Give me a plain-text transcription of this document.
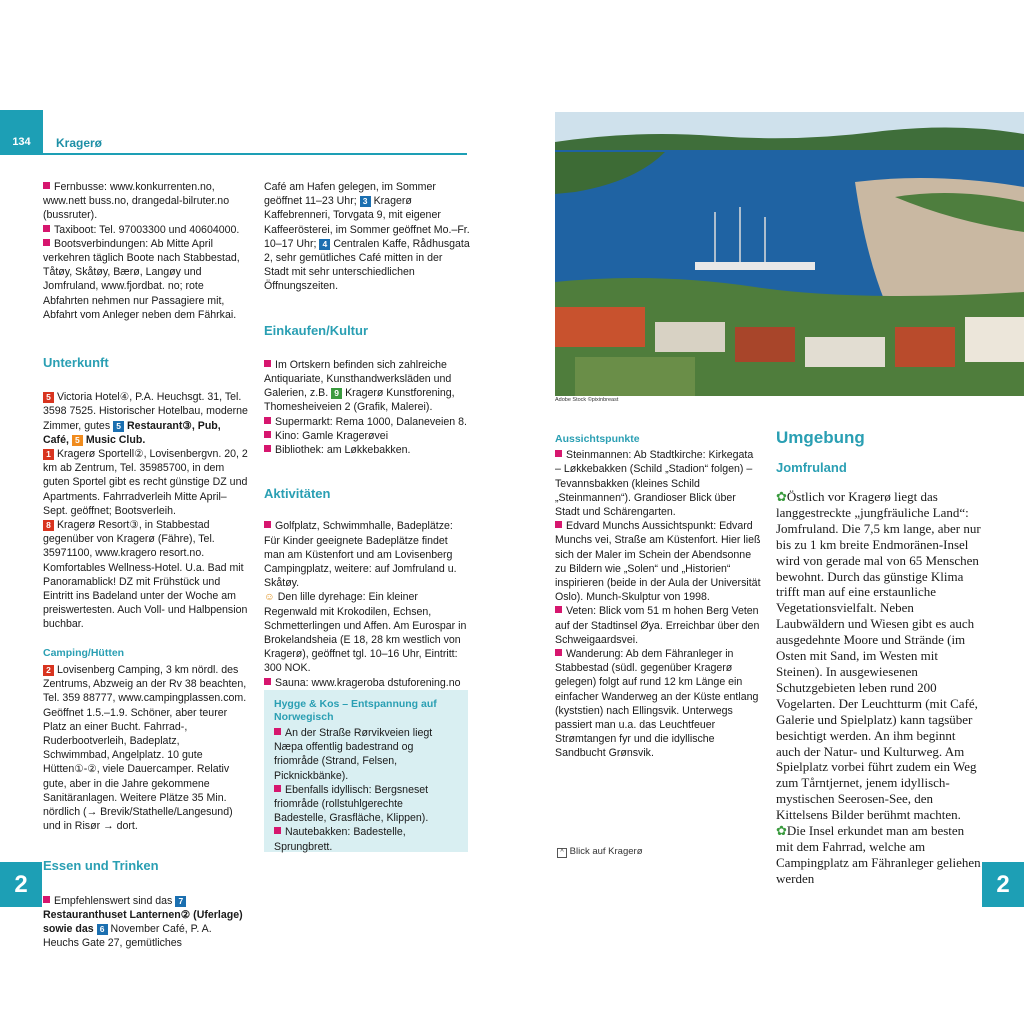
134	Kragerø

Fernbusse: www.konkurrenten.no, www.nett buss.no, drangedal-bilruter.no (bussruter).

Taxiboot: Tel. 97003300 und 40604000.

Bootsverbindungen: Ab Mitte April verkehren täglich Boote nach Stabbestad, Tåtøy, Skåtøy, Bærø, Langøy und Jomfruland, www.fjordbat. no; rote Abfahrten nehmen nur Passagiere mit, Abfahrt vom Anleger neben dem Fährkai.

Unterkunft

5 Victoria Hotel④, P.A. Heuchsgt. 31, Tel. 3598 7525. Historischer Hotelbau, moderne Zimmer, gutes 5 Restaurant③, Pub, Café, 5 Music Club.

1 Kragerø Sportell②, Lovisenbergvn. 20, 2 km ab Zentrum, Tel. 35985700, in dem guten Sportel gibt es recht günstige DZ und Apartments. Fahrradverleih Mitte April–Sept. geöffnet; Bootsverleih.

8 Kragerø Resort③, in Stabbestad gegenüber von Kragerø (Fähre), Tel. 35971100, www.kragero resort.no. Komfortables Wellness-Hotel. U.a. Bad mit Panoramablick! DZ mit Frühstück und Eintritt ins Badeland unter der Woche am preiswertesten. Auch Voll- und Halbpension buchbar.

Camping/Hütten

2 Lovisenberg Camping, 3 km nördl. des Zentrums, Abzweig an der Rv 38 beachten, Tel. 359 88777, www.campingplassen.com. Geöffnet 1.5.–1.9. Schöner, aber teurer Platz an einer Bucht. Fahrrad-, Ruderbootverleih, Badeplatz, Schwimmbad, Angelplatz. 10 gute Hütten①-②, viele Dauercamper. Relativ gute, aber in die Jahre gekommene Sanitäranlagen. Weitere Plätze 35 Min. nördlich (→ Brevik/Stathelle/Langesund) und in Risør → dort.

Essen und Trinken

Empfehlenswert sind das 7 Restauranthuset Lanternen② (Uferlage) sowie das 6 November Café, P. A. Heuchs Gate 27, gemütliches

Café am Hafen gelegen, im Sommer geöffnet 11–23 Uhr; 3 Kragerø Kaffebrenneri, Torvgata 9, mit eigener Kaffeerösterei, im Sommer geöffnet Mo.–Fr. 10–17 Uhr; 4 Centralen Kaffe, Rådhusgata 2, sehr gemütliches Café mitten in der Stadt mit sehr unterschiedlichen Öffnungszeiten.

Einkaufen/Kultur

Im Ortskern befinden sich zahlreiche Antiquariate, Kunsthandwerksläden und Galerien, z.B. 9 Kragerø Kunstforening, Thomesheiveien 2 (Grafik, Malerei).

Supermarkt: Rema 1000, Dalaneveien 8.

Kino: Gamle Kragerøvei

Bibliothek: am Løkkebakken.

Aktivitäten

Golfplatz, Schwimmhalle, Badeplätze: Für Kinder geeignete Badeplätze findet man am Küstenfort und am Lovisenberg Campingplatz, weitere: auf Jomfruland u. Skåtøy.

☺ Den lille dyrehage: Ein kleiner Regenwald mit Krokodilen, Echsen, Schmetterlingen und Affen. Am Eurospar in Brokelandsheia (E 18, 28 km westlich von Kragerø), geöffnet tgl. 10–16 Uhr, Eintritt: 300 NOK.

Sauna: www.krageroba dstuforening.no

Hygge & Kos – Entspannung auf Norwegisch

An der Straße Rørvikveien liegt Næpa offentlig badestrand og friområde (Strand, Felsen, Picknickbänke).

Ebenfalls idyllisch: Bergsneset friområde (rollstuhlgerechte Badestelle, Grasfläche, Klippen).

Nautebakken: Badestelle, Sprungbrett.

2
Adobe Stock ©pixinbreast
Aussichtspunkte

Steinmannen: Ab Stadtkirche: Kirkegata – Løkkebakken (Schild „Stadion“ folgen) – Tevannsbakken (kleines Schild „Steinmannen“). Grandioser Blick über Stadt und Schärengarten.

Edvard Munchs Aussichtspunkt: Edvard Munchs vei, Straße am Küstenfort. Hier ließ sich der Maler im Schein der Abendsonne zu Bildern wie „Solen“ und „Historien“ inspirieren (beide in der Aula der Universität Oslo). Munch-Skulptur von 1998.

Veten: Blick vom 51 m hohen Berg Veten auf der Stadtinsel Øya. Erreichbar über den Schweigaardsvei.

Wanderung: Ab dem Fähranleger in Stabbestad (südl. gegenüber Kragerø gelegen) folgt auf rund 12 km Länge ein einfacher Wanderweg an der Küste entlang (kyststien) nach Ellingsvik. Unterwegs passiert man u.a. das Leuchtfeuer Strømtangen fyr und die idyllische Sandbucht Grønsvik.

^ Blick auf Kragerø
Umgebung
Jomfruland

✿Östlich vor Kragerø liegt das langgestreckte „jungfräuliche Land“: Jomfruland. Die 7,5 km lange, aber nur bis zu 1 km breite Endmoränen-Insel wird von gerade mal von 65 Menschen bewohnt. Durch das günstige Klima trifft man auf eine erstaunliche Vegetationsvielfalt. Neben Laubwäldern und Wiesen gibt es auch ausgedehnte Moore und Strände (im Osten mit Sand, im Westen mit Steinen). In ausgewiesenen Schutzgebieten leben rund 200 Vogelarten. Der Leuchtturm (mit Café, Galerie und Spielplatz) kann tagsüber besichtigt werden. An ihm beginnt auch der Natur- und Kulturweg. Am Spielplatz vorbei führt zudem ein Weg zum Tårntjernet, jenem idyllisch-mystischen Seerosen-See, den Kittelsens Bilder berühmt machten.

✿Die Insel erkundet man am besten mit dem Fahrrad, welche am Campingplatz am Fähranleger geliehen werden	2
